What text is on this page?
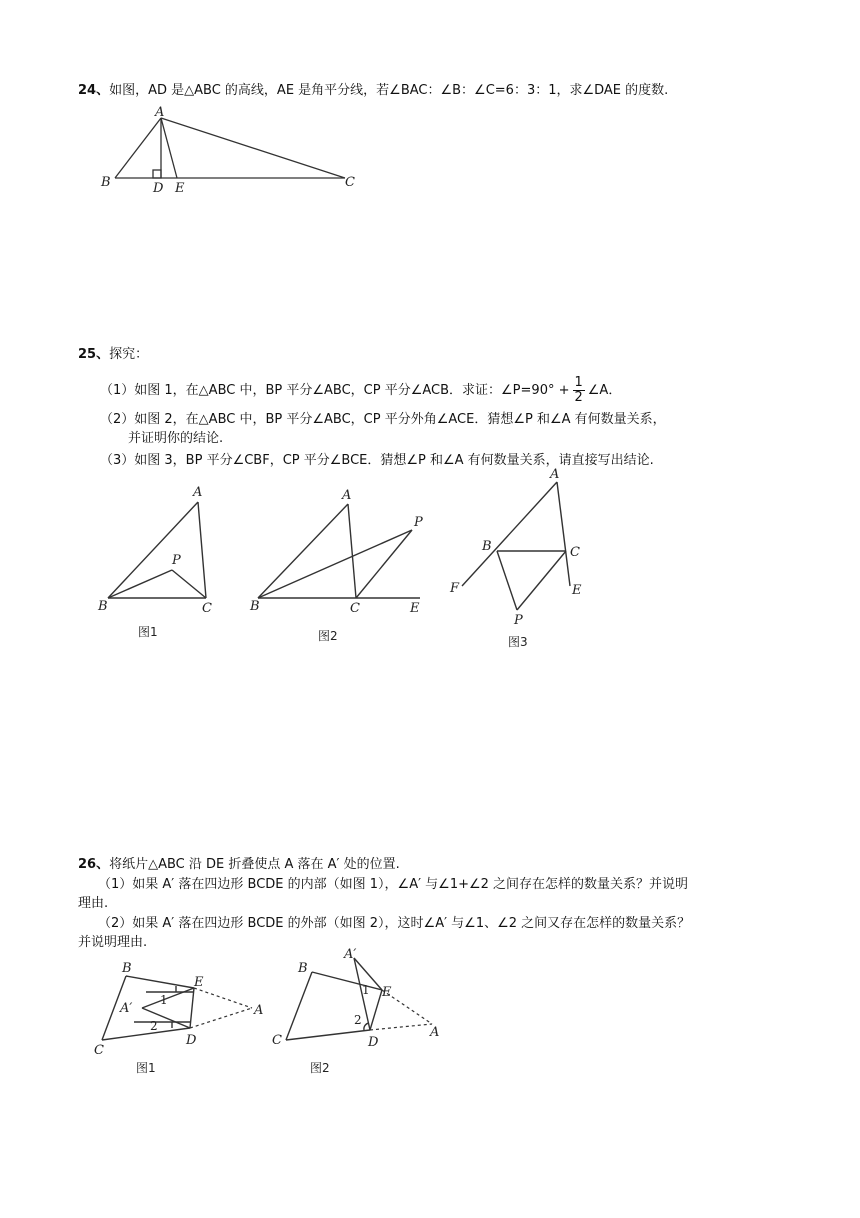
24、如图，AD 是△ABC 的高线，AE 是角平分线，若∠BAC：∠B：∠C=6：3：1，求∠DAE 的度数.
A
B	D E	C
25、探究：
（1）如图 1，在△ABC 中，BP 平分∠ABC，CP 平分∠ACB．求证：∠P=90° + $\frac{1}{2}$ ∠A．
（2）如图 2，在△ABC 中，BP 平分∠ABC，CP 平分外角∠ACE．猜想∠P 和∠A 有何数量关系，
并证明你的结论.
（3）如图 3，BP 平分∠CBF，CP 平分∠BCE．猜想∠P 和∠A 有何数量关系，请直接写出结论.
A
P
B	C
图1
A
P
B	C	E
图2
A
B	C
F	E
P
图3
26、将纸片△ABC 沿 DE 折叠使点 A 落在 A′ 处的位置.
（1）如果 A′ 落在四边形 BCDE 的内部（如图 1），∠A′ 与∠1+∠2 之间存在怎样的数量关系？并说明
理由.
（2）如果 A′ 落在四边形 BCDE 的外部（如图 2），这时∠A′ 与∠1、∠2 之间又存在怎样的数量关系？
并说明理由.
B
E
A′
1
2
A
D
C
图1
A′
B
1 E
2
A
C	D
图2
